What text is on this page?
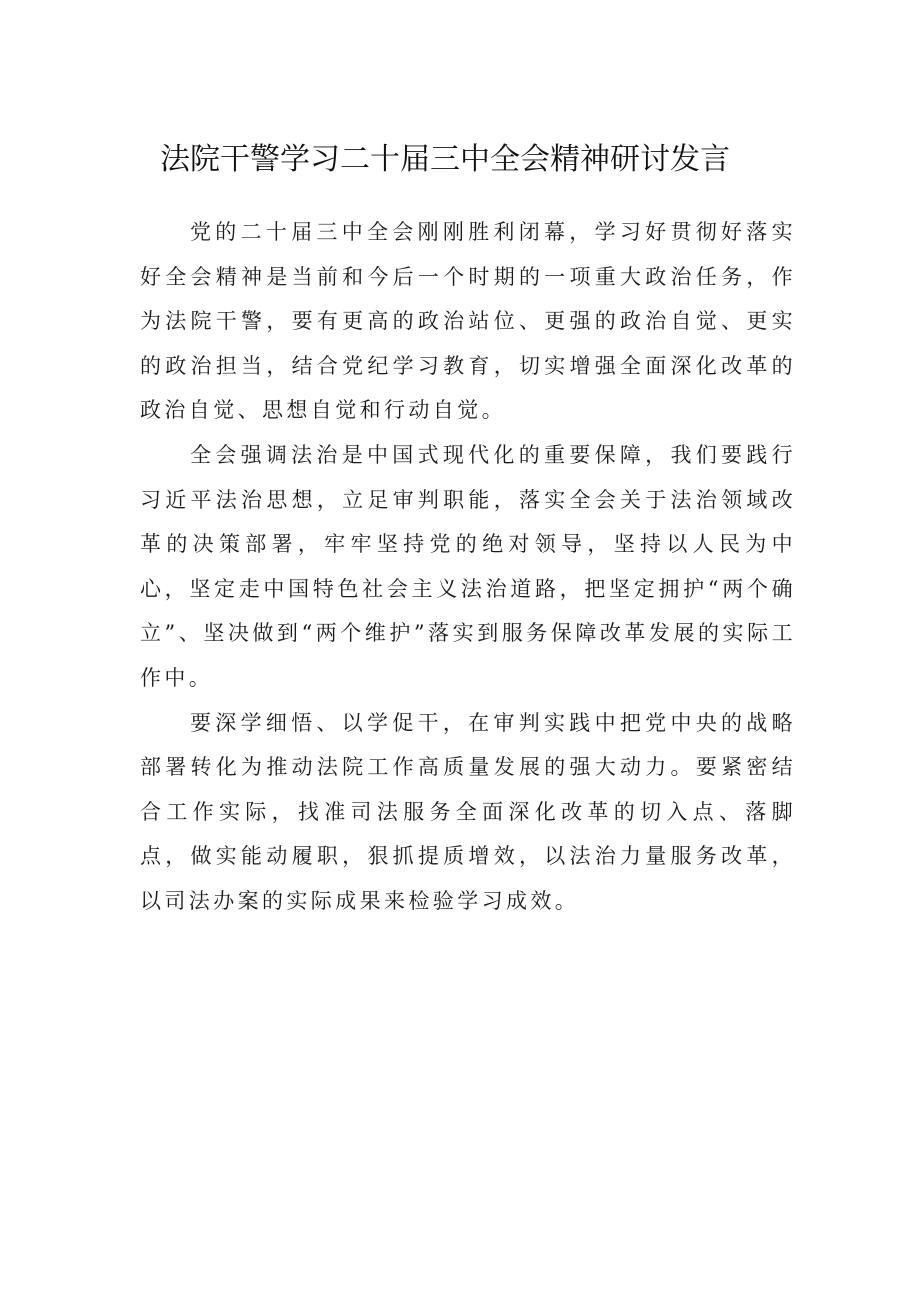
法院干警学习二十届三中全会精神研讨发言

党的二十届三中全会刚刚胜利闭幕，学习好贯彻好落实好全会精神是当前和今后一个时期的一项重大政治任务，作为法院干警，要有更高的政治站位、更强的政治自觉、更实的政治担当，结合党纪学习教育，切实增强全面深化改革的政治自觉、思想自觉和行动自觉。

全会强调法治是中国式现代化的重要保障，我们要践行习近平法治思想，立足审判职能，落实全会关于法治领域改革的决策部署，牢牢坚持党的绝对领导，坚持以人民为中心，坚定走中国特色社会主义法治道路，把坚定拥护“两个确立”、坚决做到“两个维护”落实到服务保障改革发展的实际工作中。

要深学细悟、以学促干，在审判实践中把党中央的战略部署转化为推动法院工作高质量发展的强大动力。要紧密结合工作实际，找准司法服务全面深化改革的切入点、落脚点，做实能动履职，狠抓提质增效，以法治力量服务改革，以司法办案的实际成果来检验学习成效。
